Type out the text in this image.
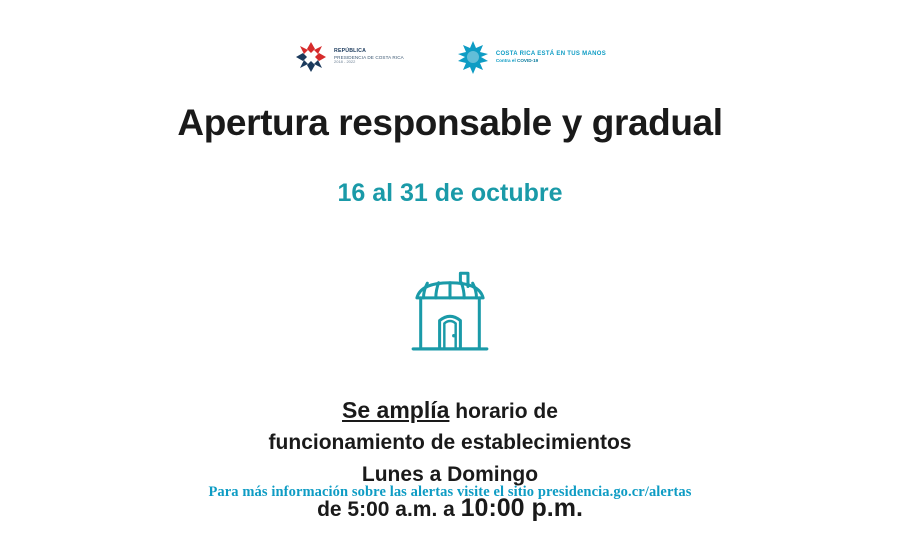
REPÚBLICA
PRESIDENCIA DE COSTA RICA
2018 - 2022
COSTA RICA ESTÁ EN TUS MANOS
Contra el COVID-19
Apertura responsable y gradual
16 al 31 de octubre
Se amplía horario de
funcionamiento de establecimientos
Lunes a Domingo
de 5:00 a.m. a 10:00 p.m.
Para más información sobre las alertas visite el sitio presidencia.go.cr/alertas
